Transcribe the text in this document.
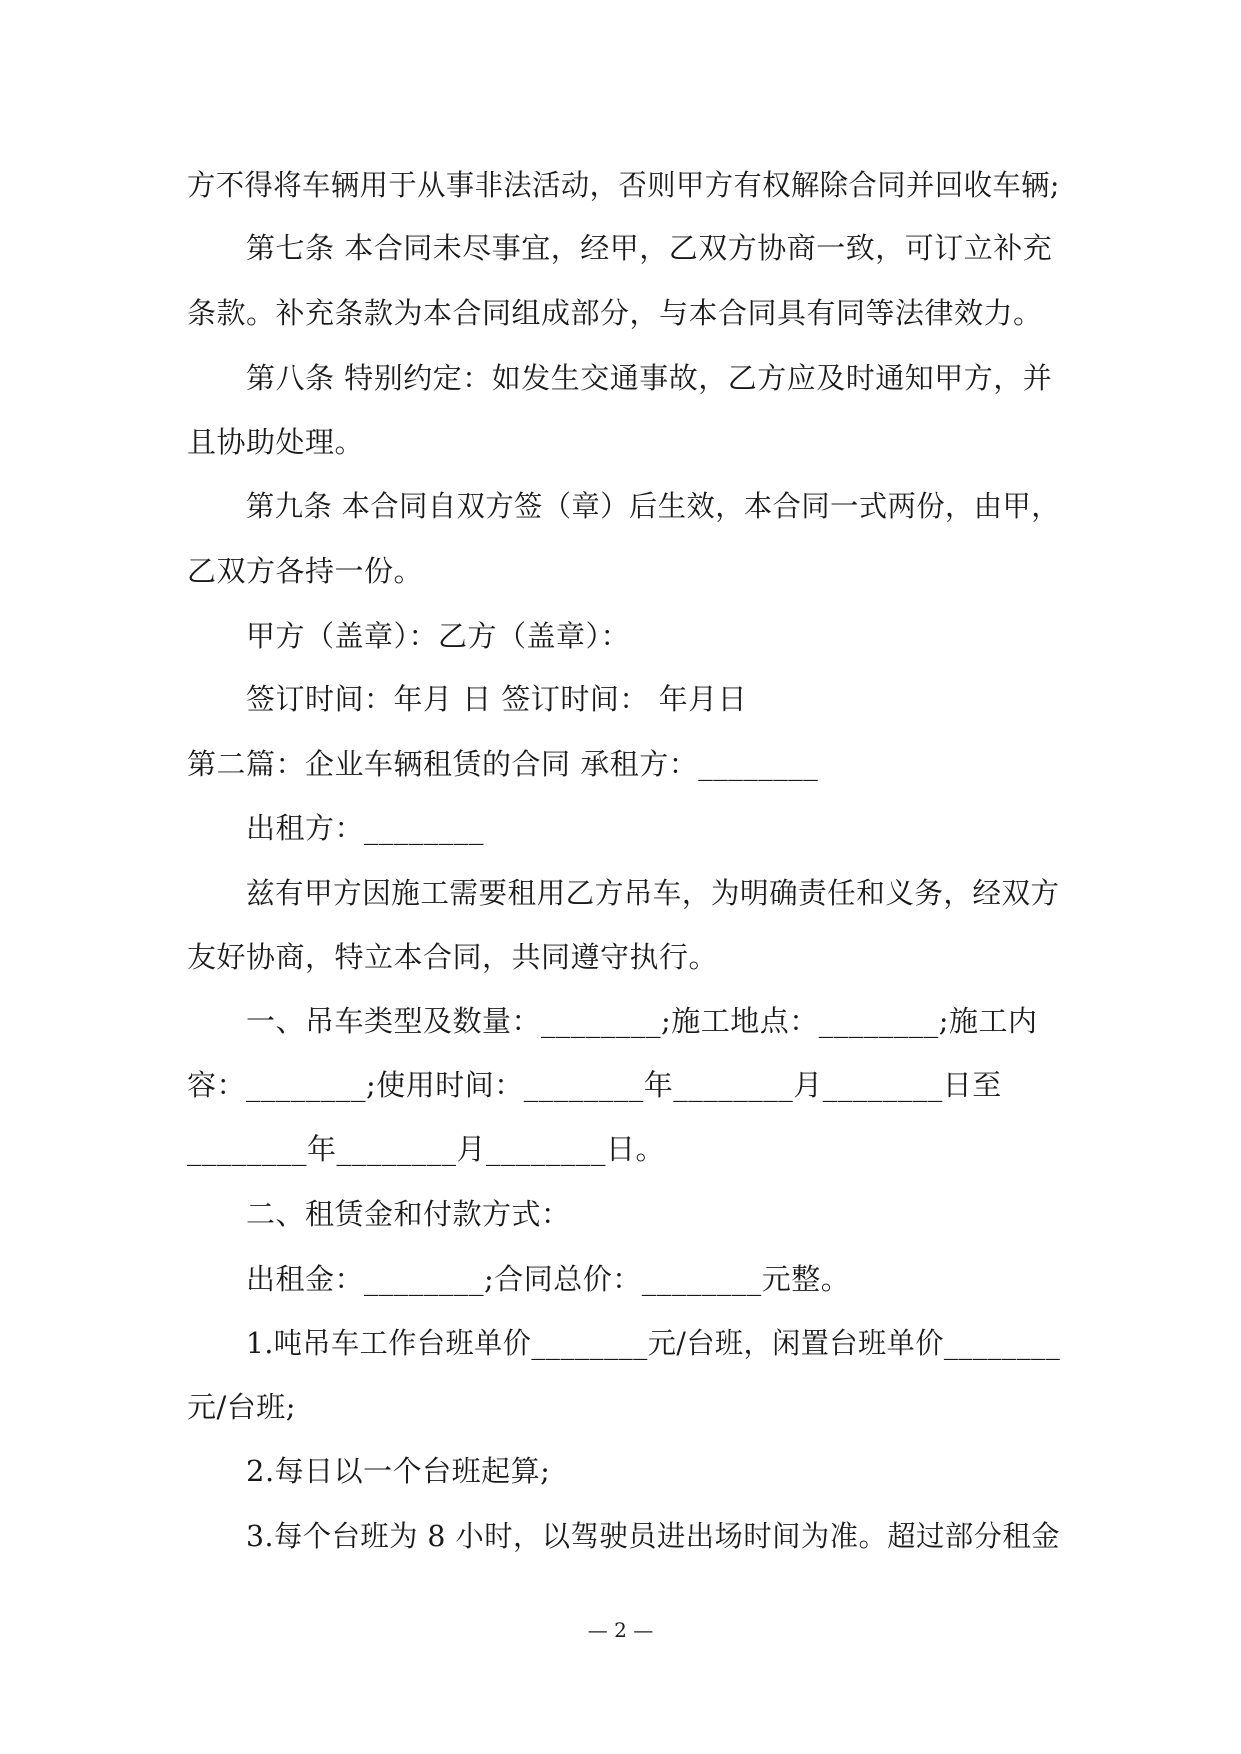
方不得将车辆用于从事非法活动，否则甲方有权解除合同并回收车辆;
第七条 本合同未尽事宜，经甲，乙双方协商一致，可订立补充
条款。补充条款为本合同组成部分，与本合同具有同等法律效力。
第八条 特别约定：如发生交通事故，乙方应及时通知甲方，并
且协助处理。
第九条 本合同自双方签（章）后生效，本合同一式两份，由甲，
乙双方各持一份。
甲方（盖章）：乙方（盖章）：
签订时间：年月 日 签订时间： 年月日
第二篇：企业车辆租赁的合同 承租方：________
出租方：________
兹有甲方因施工需要租用乙方吊车，为明确责任和义务，经双方
友好协商，特立本合同，共同遵守执行。
一、吊车类型及数量：________;施工地点：________;施工内
容：________;使用时间：________年________月________日至
________年________月________日。
二、租赁金和付款方式：
出租金：________;合同总价：________元整。
1.吨吊车工作台班单价________元/台班，闲置台班单价________
元/台班;
2.每日以一个台班起算;
3.每个台班为 8 小时，以驾驶员进出场时间为准。超过部分租金
— 2 —
